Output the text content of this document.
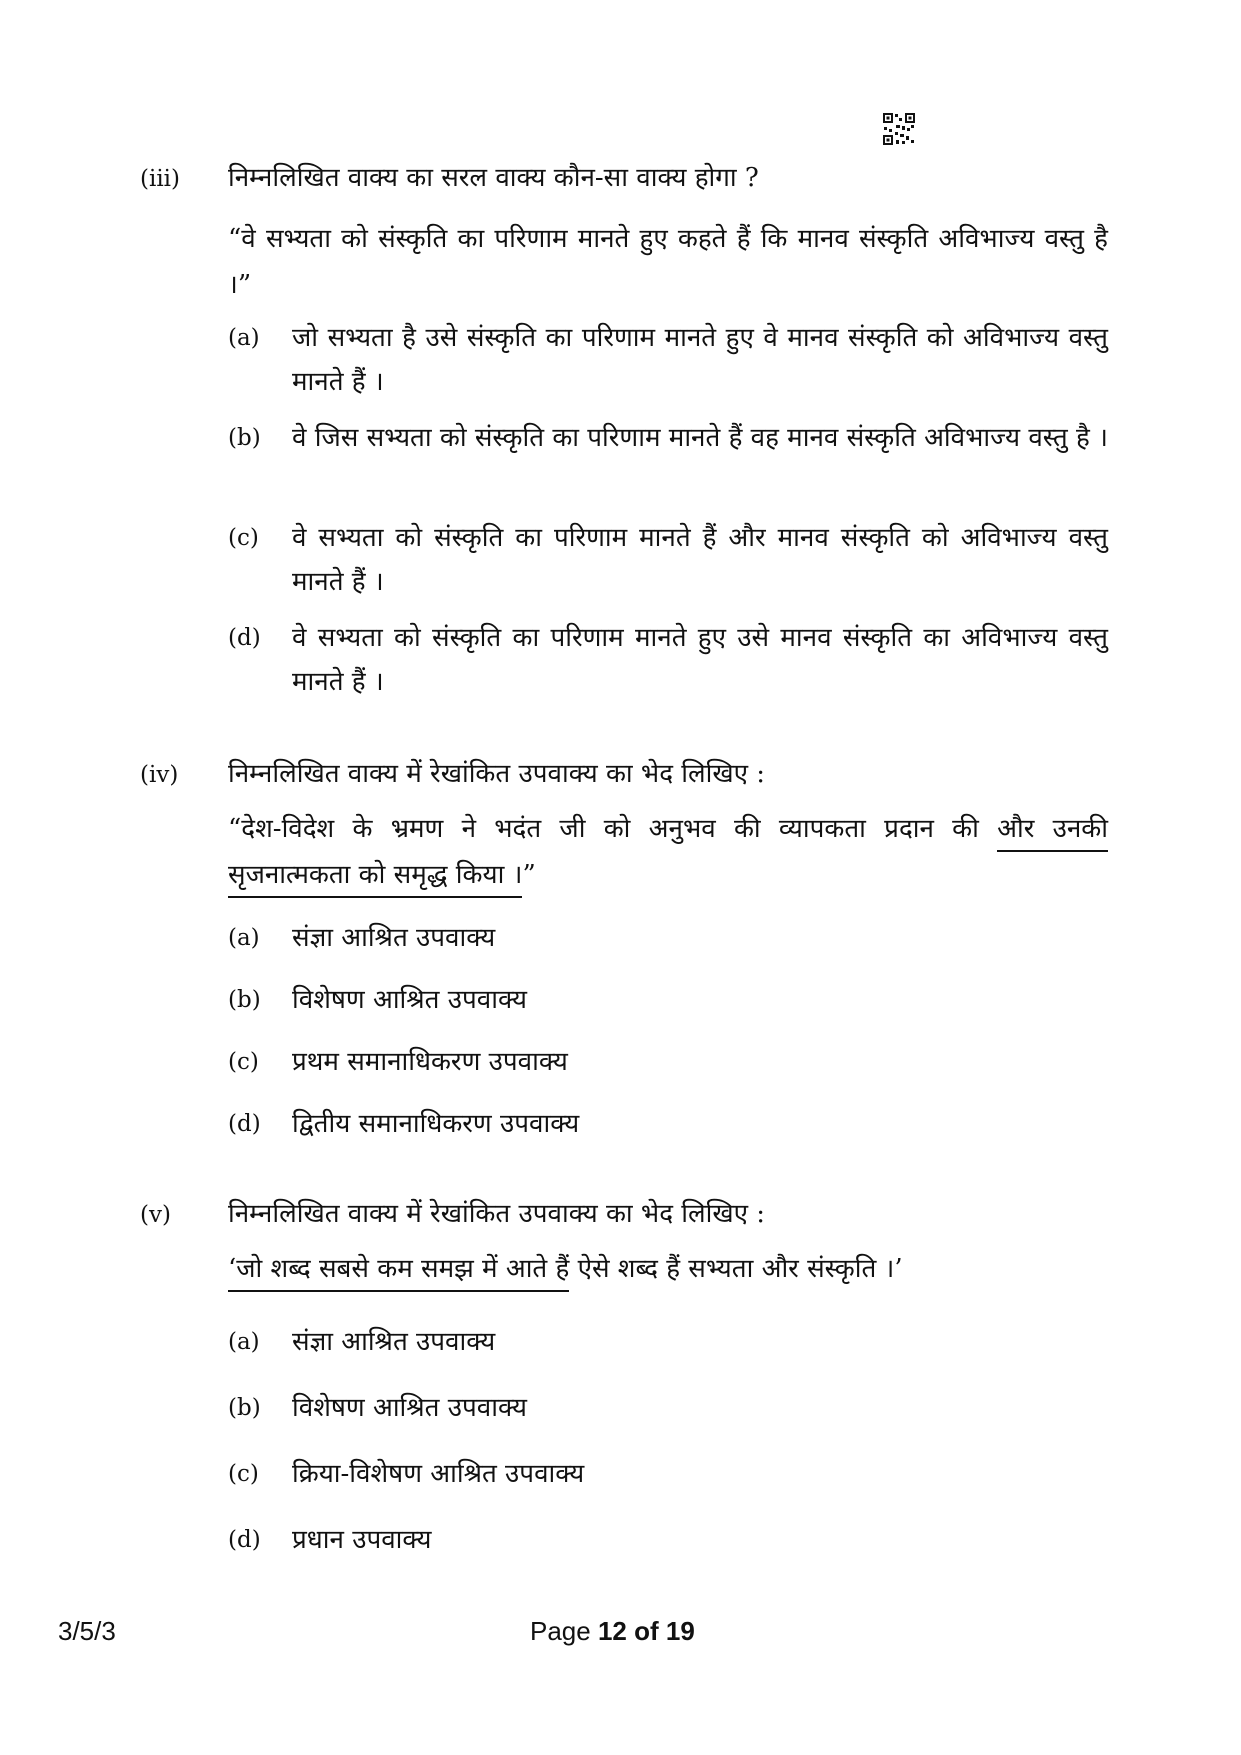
(iii) निम्नलिखित वाक्य का सरल वाक्य कौन-सा वाक्य होगा ?
“वे सभ्यता को संस्कृति का परिणाम मानते हुए कहते हैं कि मानव संस्कृति अविभाज्य वस्तु है ।”
(a) जो सभ्यता है उसे संस्कृति का परिणाम मानते हुए वे मानव संस्कृति को अविभाज्य वस्तु मानते हैं ।
(b) वे जिस सभ्यता को संस्कृति का परिणाम मानते हैं वह मानव संस्कृति अविभाज्य वस्तु है ।
(c) वे सभ्यता को संस्कृति का परिणाम मानते हैं और मानव संस्कृति को अविभाज्य वस्तु मानते हैं ।
(d) वे सभ्यता को संस्कृति का परिणाम मानते हुए उसे मानव संस्कृति का अविभाज्य वस्तु मानते हैं ।
(iv) निम्नलिखित वाक्य में रेखांकित उपवाक्य का भेद लिखिए :
“देश-विदेश के भ्रमण ने भदंत जी को अनुभव की व्यापकता प्रदान की और उनकी सृजनात्मकता को समृद्ध किया ।”
(a) संज्ञा आश्रित उपवाक्य
(b) विशेषण आश्रित उपवाक्य
(c) प्रथम समानाधिकरण उपवाक्य
(d) द्वितीय समानाधिकरण उपवाक्य
(v) निम्नलिखित वाक्य में रेखांकित उपवाक्य का भेद लिखिए :
‘जो शब्द सबसे कम समझ में आते हैं ऐसे शब्द हैं सभ्यता और संस्कृति ।’
(a) संज्ञा आश्रित उपवाक्य
(b) विशेषण आश्रित उपवाक्य
(c) क्रिया-विशेषण आश्रित उपवाक्य
(d) प्रधान उपवाक्य
3/5/3	Page 12 of 19
